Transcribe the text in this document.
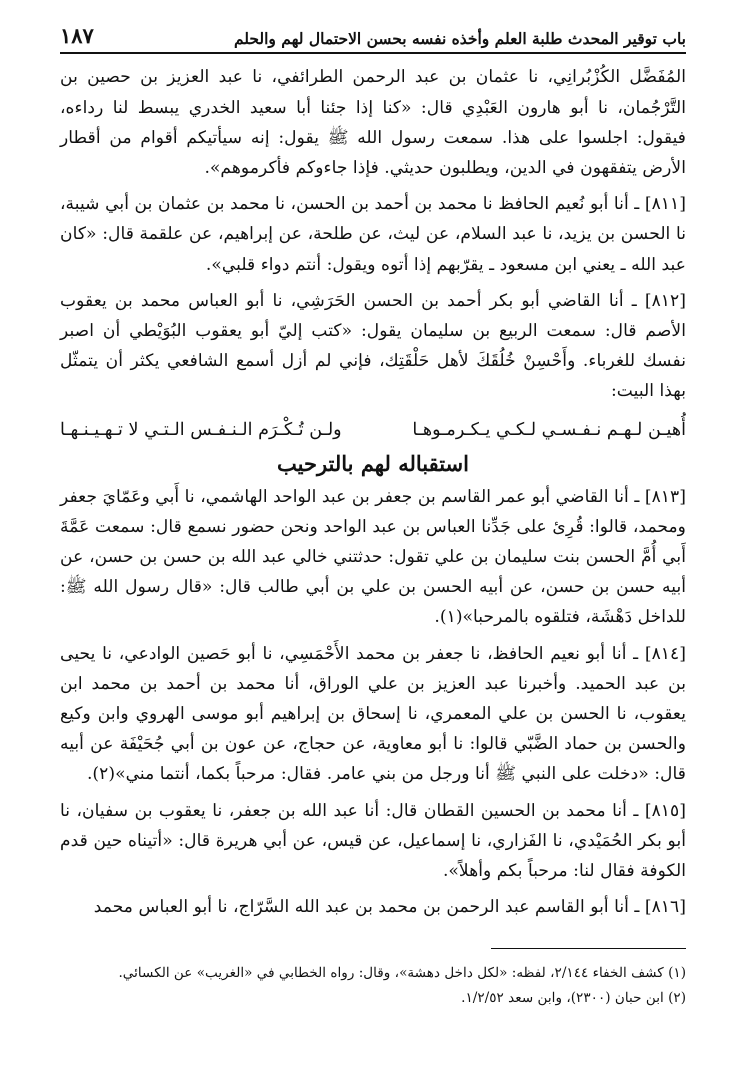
باب توقير المحدث طلبة العلم وأخذه نفسه بحسن الاحتمال لهم والحلم
١٨٧

المُفَضَّل الكُزْبُرانِي، نا عثمان بن عبد الرحمن الطرائفي، نا عبد العزيز بن حصين بن التَّرْجُمان، نا أبو هارون العَبْدِي قال: «كنا إذا جئنا أبا سعيد الخدري يبسط لنا رداءه، فيقول: اجلسوا على هذا. سمعت رسول الله ﷺ يقول: إنه سيأتيكم أقوام من أقطار الأرض يتفقهون في الدين، ويطلبون حديثي. فإذا جاءوكم فأكرموهم».

[٨١١] ـ أنا أبو نُعيم الحافظ نا محمد بن أحمد بن الحسن، نا محمد بن عثمان بن أبي شيبة، نا الحسن بن يزيد، نا عبد السلام، عن ليث، عن طلحة، عن إبراهيم، عن علقمة قال: «كان عبد الله ـ يعني ابن مسعود ـ يقرّبهم إذا أتوه ويقول: أنتم دواء قلبي».

[٨١٢] ـ أنا القاضي أبو بكر أحمد بن الحسن الحَرَشِي، نا أبو العباس محمد بن يعقوب الأصم قال: سمعت الربيع بن سليمان يقول: «كتب إليّ أبو يعقوب البُوَيْطي أن اصبر نفسك للغرباء. وأَحْسِنْ خُلُقَكَ لأهل حَلْقَتِك، فإني لم أزل أسمع الشافعي يكثر أن يتمثّل بهذا البيت:

أُهيـن لـهـم نـفـسـي لـكـي يـكـرمـوهـا
ولـن تُـكْـرَم الـنـفـس الـتـي لا تـهـيـنـهـا
استقباله لهم بالترحيب

[٨١٣] ـ أنا القاضي أبو عمر القاسم بن جعفر بن عبد الواحد الهاشمي، نا أَبي وعَمّايَ جعفر ومحمد، قالوا: قُرِئ على جَدِّنا العباس بن عبد الواحد ونحن حضور نسمع قال: سمعت عَمَّةَ أَبي أُمَّ الحسن بنت سليمان بن علي تقول: حدثتني خالي عبد الله بن حسن بن حسن، عن أبيه حسن بن حسن، عن أبيه الحسن بن علي بن أبي طالب قال: «قال رسول الله ﷺ: للداخل دَهْشَة، فتلقوه بالمرحبا»(١).

[٨١٤] ـ أنا أبو نعيم الحافظ، نا جعفر بن محمد الأَحْمَسِي، نا أبو حَصين الوادعي، نا يحيى بن عبد الحميد. وأخبرنا عبد العزيز بن علي الوراق، أنا محمد بن أحمد بن محمد ابن يعقوب، نا الحسن بن علي المعمري، نا إسحاق بن إبراهيم أبو موسى الهروي وابن وكيع والحسن بن حماد الضَّبّي قالوا: نا أبو معاوية، عن حجاج، عن عون بن أبي جُحَيْفَة عن أبيه قال: «دخلت على النبي ﷺ أنا ورجل من بني عامر. فقال: مرحباً بكما، أنتما مني»(٢).

[٨١٥] ـ أنا محمد بن الحسين القطان قال: أنا عبد الله بن جعفر، نا يعقوب بن سفيان، نا أبو بكر الحُمَيْدي، نا الفَزاري، نا إسماعيل، عن قيس، عن أبي هريرة قال: «أتيناه حين قدم الكوفة فقال لنا: مرحباً بكم وأهلاً».

[٨١٦] ـ أنا أبو القاسم عبد الرحمن بن محمد بن عبد الله السَّرّاج، نا أبو العباس محمد

(١) كشف الخفاء ٢/١٤٤، لفظه: «لكل داخل دهشة»، وقال: رواه الخطابي في «الغريب» عن الكسائي.

(٢) ابن حبان (٢٣٠٠)، وابن سعد ١/٢/٥٢.
